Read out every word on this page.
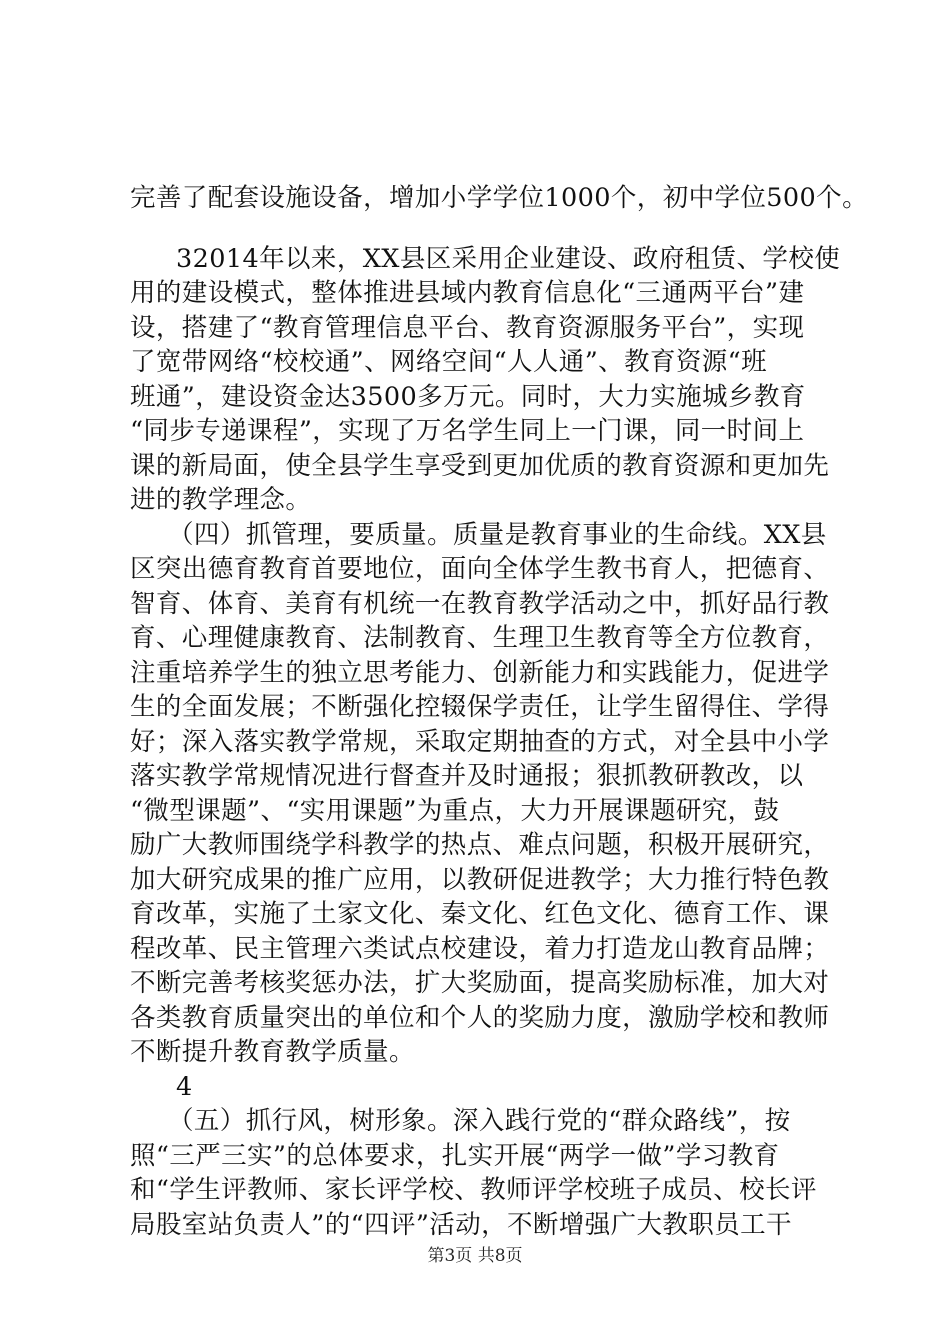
完善了配套设施设备，增加小学学位1000个，初中学位500个。
32014年以来，XX县区采用企业建设、政府租赁、学校使
用的建设模式，整体推进县域内教育信息化“三通两平台”建
设，搭建了“教育管理信息平台、教育资源服务平台”，实现
了宽带网络“校校通”、网络空间“人人通”、教育资源“班
班通”，建设资金达3500多万元。同时，大力实施城乡教育
“同步专递课程”，实现了万名学生同上一门课，同一时间上
课的新局面，使全县学生享受到更加优质的教育资源和更加先
进的教学理念。
（四）抓管理，要质量。质量是教育事业的生命线。XX县
区突出德育教育首要地位，面向全体学生教书育人，把德育、
智育、体育、美育有机统一在教育教学活动之中，抓好品行教
育、心理健康教育、法制教育、生理卫生教育等全方位教育，
注重培养学生的独立思考能力、创新能力和实践能力，促进学
生的全面发展；不断强化控辍保学责任，让学生留得住、学得
好；深入落实教学常规，采取定期抽查的方式，对全县中小学
落实教学常规情况进行督查并及时通报；狠抓教研教改，以
“微型课题”、“实用课题”为重点，大力开展课题研究，鼓
励广大教师围绕学科教学的热点、难点问题，积极开展研究，
加大研究成果的推广应用，以教研促进教学；大力推行特色教
育改革，实施了土家文化、秦文化、红色文化、德育工作、课
程改革、民主管理六类试点校建设，着力打造龙山教育品牌；
不断完善考核奖惩办法，扩大奖励面，提高奖励标准，加大对
各类教育质量突出的单位和个人的奖励力度，激励学校和教师
不断提升教育教学质量。
4
（五）抓行风，树形象。深入践行党的“群众路线”，按
照“三严三实”的总体要求，扎实开展“两学一做”学习教育
和“学生评教师、家长评学校、教师评学校班子成员、校长评
局股室站负责人”的“四评”活动，不断增强广大教职员工干
第3页 共8页
